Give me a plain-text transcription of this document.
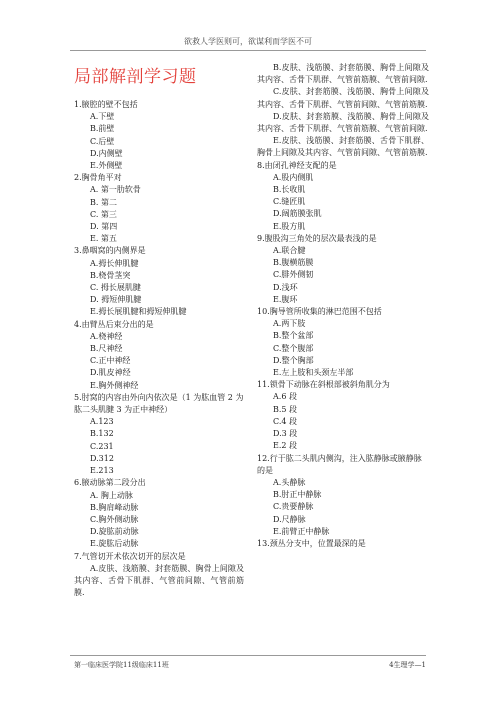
欲救人学医则可，欲谋利而学医不可
局部解剖学习题

1.腋腔的壁不包括

A.下壁

B.前壁

C.后壁

D.内侧壁

E.外侧壁

2.胸骨角平对

A. 第一肋软骨

B. 第二

C. 第三

D. 第四

E. 第五

3.鼻咽窝的内侧界是

A.拇长伸肌腱

B.桡骨茎突

C. 拇长展肌腱

D. 拇短伸肌腱

E.拇长展肌腱和拇短伸肌腱

4.由臂丛后束分出的是

A.桡神经

B.尺神经

C.正中神经

D.肌皮神经

E.胸外侧神经

5.肘窝的内容由外向内依次是（1 为肱血管 2 为肱二头肌腱 3 为正中神经）

A.123

B.132

C.231

D.312

E.213

6.腋动脉第二段分出

A. 胸上动脉

B.胸肩峰动脉

C.胸外侧动脉

D.旋肱前动脉

E.旋肱后动脉

7.气管切开术依次切开的层次是

A.皮肤、浅筋膜、封套筋膜、胸骨上间隙及其内容、舌骨下肌群、气管前间隙、气管前筋膜.

B.皮肤、浅筋膜、封套筋膜、胸骨上间隙及其内容、舌骨下肌群、气管前筋膜、气管前间隙.

C.皮肤、封套筋膜、浅筋膜、胸骨上间隙及其内容、舌骨下肌群、气管前间隙、气管前筋膜.

D.皮肤、封套筋膜、浅筋膜、胸骨上间隙及其内容、舌骨下肌群、气管前筋膜、气管前间隙.

E.皮肤、浅筋膜、封套筋膜、舌骨下肌群、胸骨上间隙及其内容、气管前间隙、气管前筋膜.

8.由闭孔神经支配的是

A.股内侧肌

B.长收肌

C.缝匠肌

D.阔筋膜张肌

E.股方肌

9.腹股沟三角处的层次最表浅的是

A.联合腱

B.腹横筋膜

C.腓外侧韧

D.浅环

E.腹环

10.胸导管所收集的淋巴范围不包括

A.两下肢

B.整个盆部

C.整个腹部

D.整个胸部

E.左上肢和头颈左半部

11.锁骨下动脉在斜根部被斜角肌分为

A.6 段

B.5 段

C.4 段

D.3 段

E.2 段

12.行于肱二头肌内侧沟，注入肱静脉或腋静脉的是

A.头静脉

B.肘正中静脉

C.贵要静脉

D.尺静脉

E.前臂正中静脉

13.颈丛分支中，位置最深的是

第一临床医学院11级临床11班	4生理学—1
